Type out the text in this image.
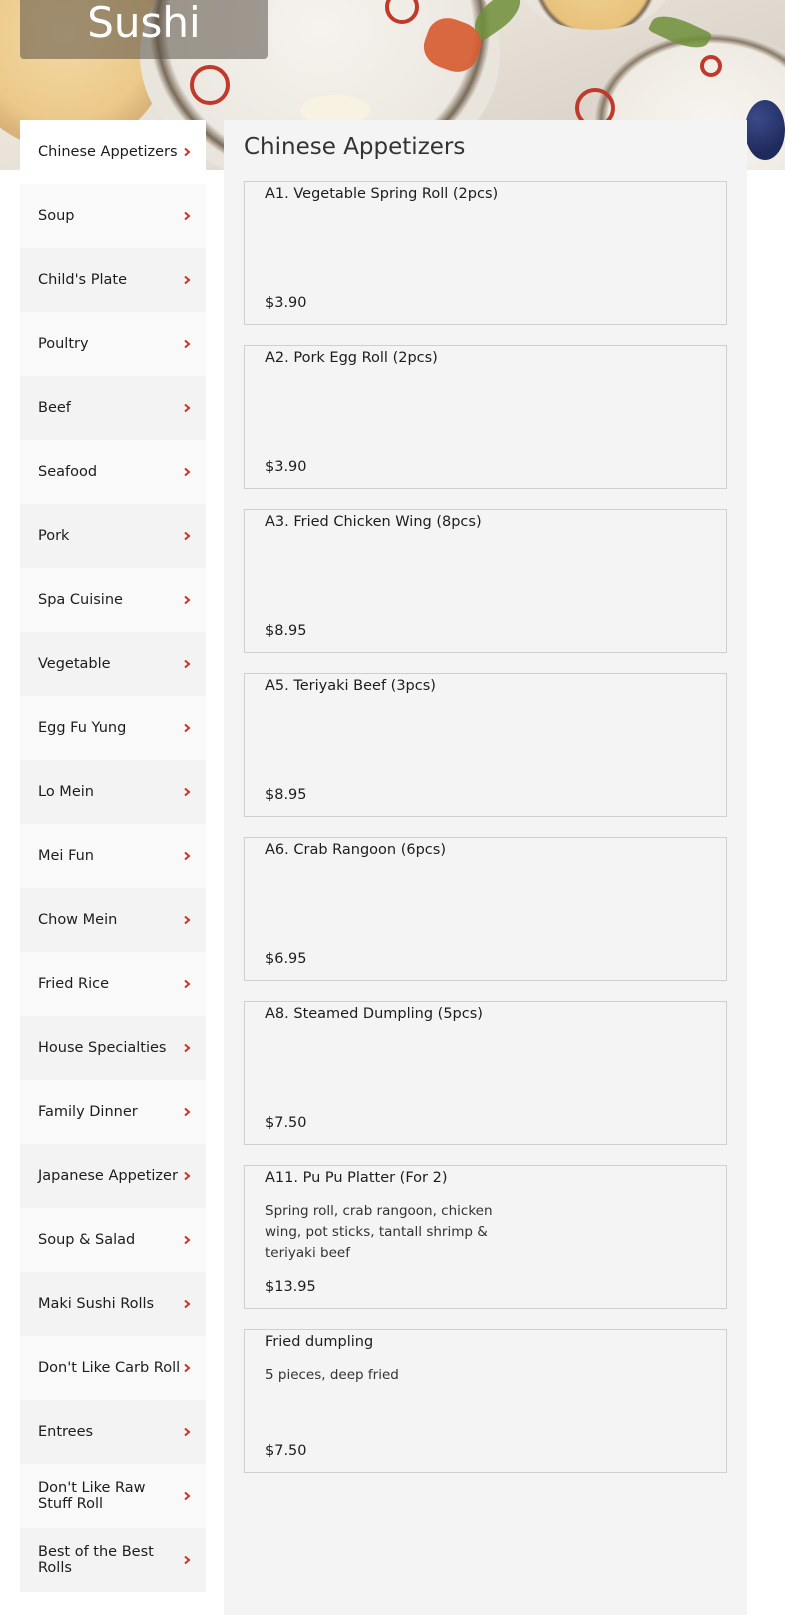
Sushi
Chinese Appetizers
Soup
Child's Plate
Poultry
Beef
Seafood
Pork
Spa Cuisine
Vegetable
Egg Fu Yung
Lo Mein
Mei Fun
Chow Mein
Fried Rice
House Specialties
Family Dinner
Japanese Appetizer
Soup & Salad
Maki Sushi Rolls
Don't Like Carb Roll
Entrees
Don't Like Raw Stuff Roll
Best of the Best Rolls
Chinese Appetizers
A1. Vegetable Spring Roll (2pcs)
$3.90
A2. Pork Egg Roll (2pcs)
$3.90
A3. Fried Chicken Wing (8pcs)
$8.95
A5. Teriyaki Beef (3pcs)
$8.95
A6. Crab Rangoon (6pcs)
$6.95
A8. Steamed Dumpling (5pcs)
$7.50
A11. Pu Pu Platter (For 2)
Spring roll, crab rangoon, chicken wing, pot sticks, tantall shrimp & teriyaki beef
$13.95
Fried dumpling
5 pieces, deep fried
$7.50
